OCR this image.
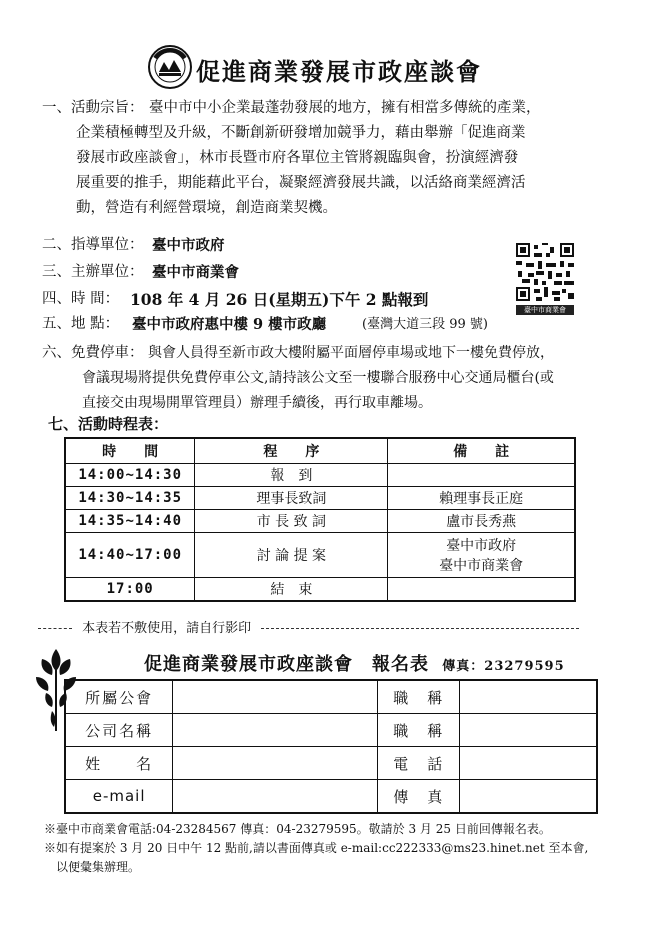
促進商業發展市政座談會
一、活動宗旨： 臺中市中小企業最蓬勃發展的地方，擁有相當多傳統的產業，
企業積極轉型及升級，不斷創新研發增加競爭力，藉由舉辦「促進商業
發展市政座談會」，林市長暨市府各單位主管將親臨與會，扮演經濟發
展重要的推手，期能藉此平台，凝聚經濟發展共識，以活絡商業經濟活
動，營造有利經營環境，創造商業契機。
二、指導單位： 臺中市政府
三、主辦單位： 臺中市商業會
四、時 間： 108 年 4 月 26 日(星期五)下午 2 點報到
五、地 點： 臺中市政府惠中樓 9 樓市政廳	(臺灣大道三段 99 號)
臺中市商業會
六、免費停車： 與會人員得至新市政大樓附屬平面層停車場或地下一樓免費停放，
會議現場將提供免費停車公文,請持該公文至一樓聯合服務中心交通局櫃台(或
直接交由現場開單管理員）辦理手續後，再行取車離場。
七、活動時程表：
時　　間	程　　序	備　　註
14:00~14:30	報　到	
14:30~14:35	理事長致詞	賴理事長正庭
14:35~14:40	市 長 致 詞	盧市長秀燕
14:40~17:00	討 論 提 案	臺中市政府
臺中市商業會

17:00	結　束	
本表若不敷使用，請自行影印
促進商業發展市政座談會　報名表 傳真：23279595
所屬公會		職　稱	
公司名稱		職　稱	
姓　　名		電　話	
e-mail		傳　真	
※臺中市商業會電話:04-23284567 傳真：04-23279595。敬請於 3 月 25 日前回傳報名表。
※如有提案於 3 月 20 日中午 12 點前,請以書面傳真或 e-mail:cc222333@ms23.hinet.net 至本會,
以便彙集辦理。
